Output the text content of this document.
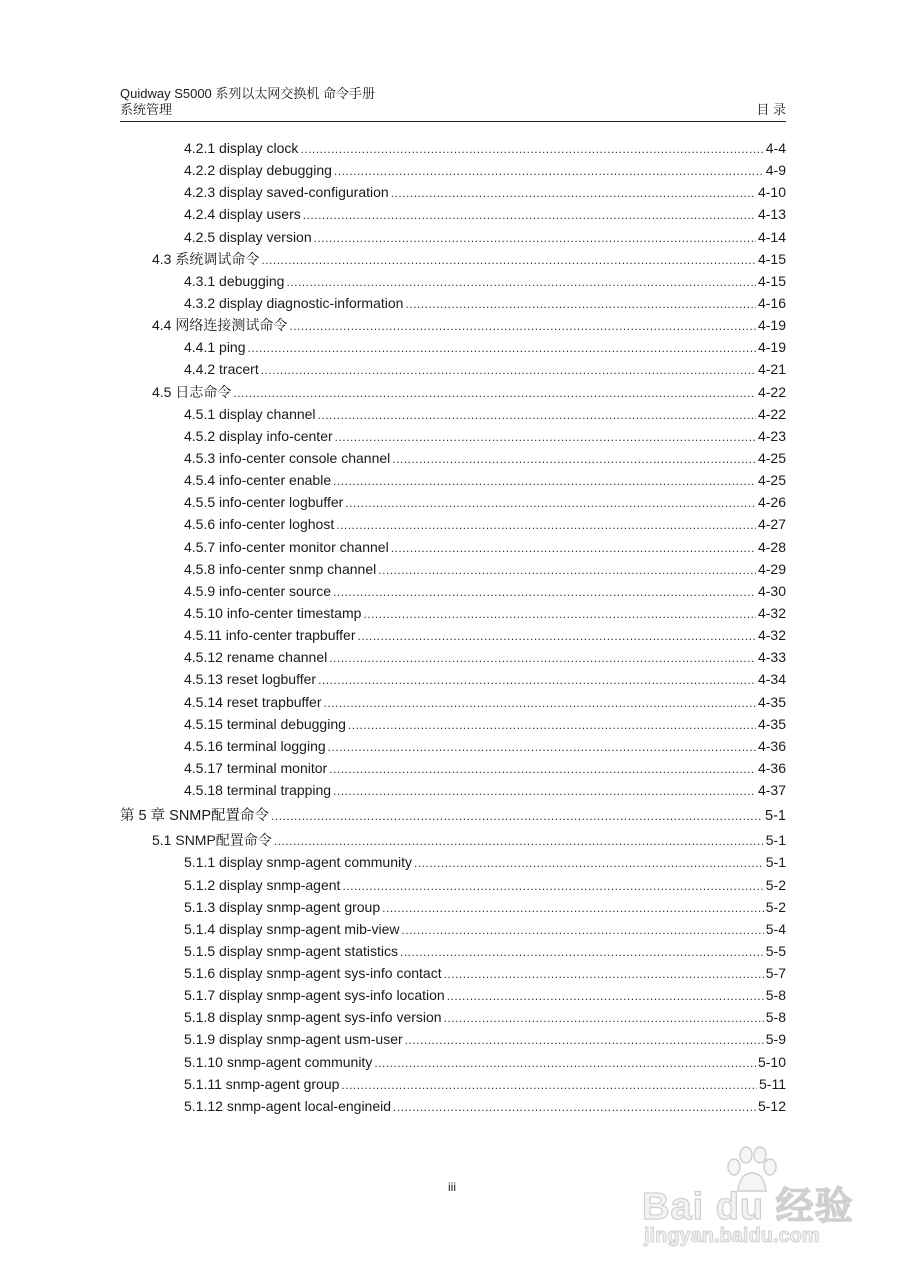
Quidway S5000 系列以太网交换机 命令手册
系统管理	目 录
4.2.1 display clock .....	4-4
4.2.2 display debugging .....	4-9
4.2.3 display saved-configuration .....	4-10
4.2.4 display users .....	4-13
4.2.5 display version .....	4-14
4.3 系统调试命令 .....	4-15
4.3.1 debugging .....	4-15
4.3.2 display diagnostic-information .....	4-16
4.4 网络连接测试命令 .....	4-19
4.4.1 ping .....	4-19
4.4.2 tracert .....	4-21
4.5 日志命令 .....	4-22
4.5.1 display channel .....	4-22
4.5.2 display info-center .....	4-23
4.5.3 info-center console channel .....	4-25
4.5.4 info-center enable .....	4-25
4.5.5 info-center logbuffer .....	4-26
4.5.6 info-center loghost .....	4-27
4.5.7 info-center monitor channel .....	4-28
4.5.8 info-center snmp channel .....	4-29
4.5.9 info-center source .....	4-30
4.5.10 info-center timestamp .....	4-32
4.5.11 info-center trapbuffer .....	4-32
4.5.12 rename channel .....	4-33
4.5.13 reset logbuffer .....	4-34
4.5.14 reset trapbuffer .....	4-35
4.5.15 terminal debugging .....	4-35
4.5.16 terminal logging .....	4-36
4.5.17 terminal monitor .....	4-36
4.5.18 terminal trapping .....	4-37
第 5 章 SNMP配置命令 .....	5-1
5.1 SNMP配置命令 .....	5-1
5.1.1 display snmp-agent community .....	5-1
5.1.2 display snmp-agent .....	5-2
5.1.3 display snmp-agent group .....	5-2
5.1.4 display snmp-agent mib-view .....	5-4
5.1.5 display snmp-agent statistics .....	5-5
5.1.6 display snmp-agent sys-info contact .....	5-7
5.1.7 display snmp-agent sys-info location .....	5-8
5.1.8 display snmp-agent sys-info version .....	5-8
5.1.9 display snmp-agent usm-user .....	5-9
5.1.10 snmp-agent community .....	5-10
5.1.11 snmp-agent group .....	5-11
5.1.12 snmp-agent local-engineid .....	5-12
iii	Bai du 经验
jingyan.baidu.com
